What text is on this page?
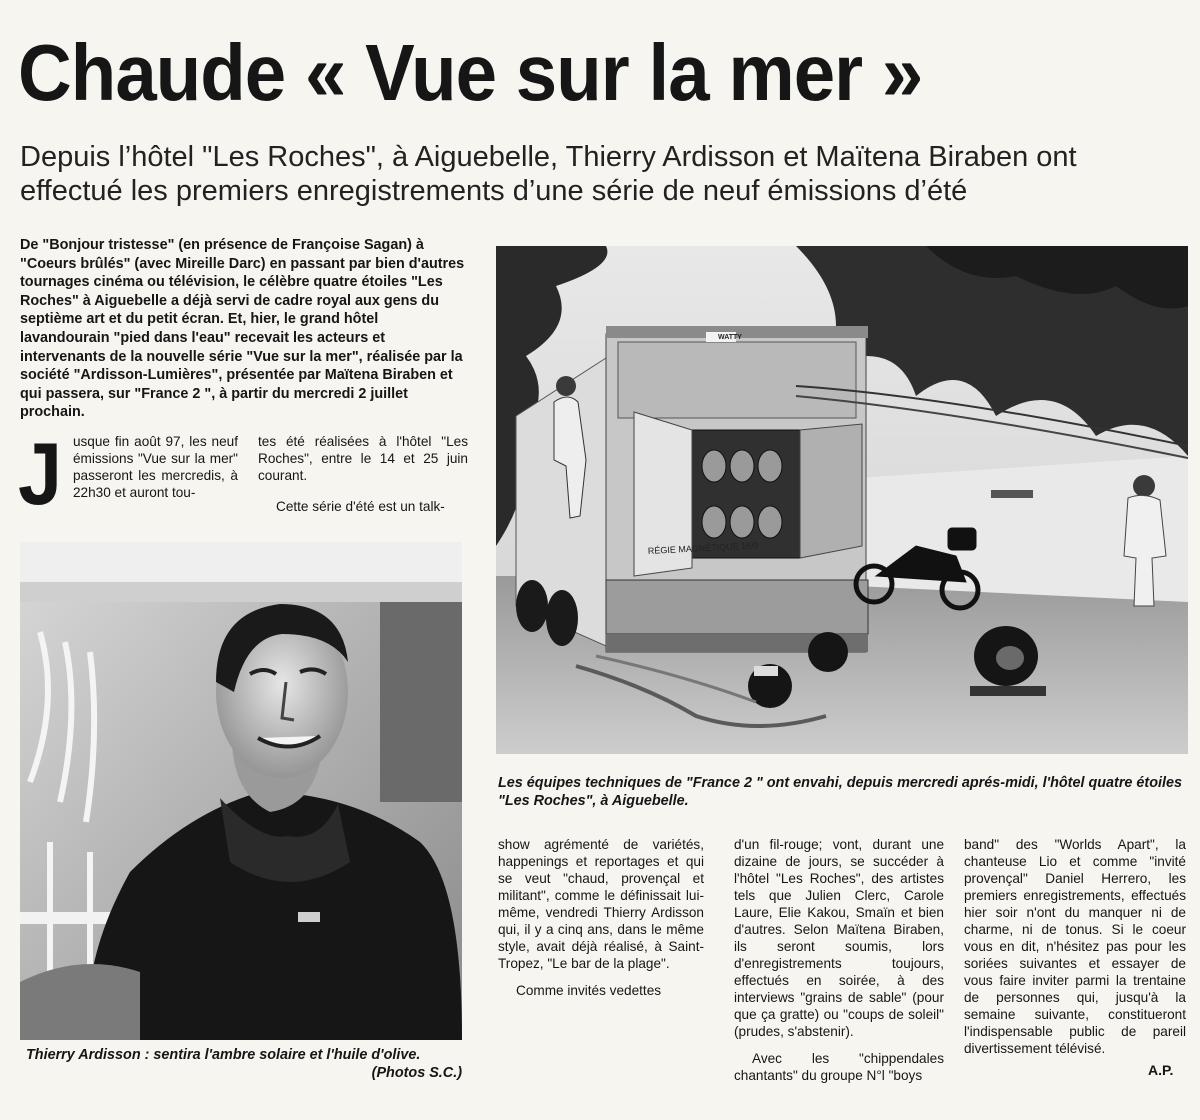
Chaude « Vue sur la mer »
Depuis l’hôtel "Les Roches", à Aiguebelle, Thierry Ardisson et Maïtena Biraben ont effectué les premiers enregistrements d’une série de neuf émissions d’été
De "Bonjour tristesse" (en présence de Françoise Sagan) à "Coeurs brûlés" (avec Mireille Darc) en passant par bien d'autres tournages cinéma ou télévision, le célèbre quatre étoiles "Les Roches" à Aiguebelle a déjà servi de cadre royal aux gens du septième art et du petit écran. Et, hier, le grand hôtel lavandourain "pied dans l'eau" recevait les acteurs et intervenants de la nouvelle série "Vue sur la mer", réalisée par la société "Ardisson-Lumières", présentée par Maïtena Biraben et qui passera, sur "France 2 ", à partir du mercredi 2 juillet prochain.
J usque fin août 97, les neuf émissions "Vue sur la mer" passeront les mercredis, à 22h30 et auront tou-

tes été réalisées à l'hôtel "Les Roches", entre le 14 et 25 juin courant.

Cette série d'été est un talk-

RÉGIE MAGNÉTIQUE 16/9
WATTY
Les équipes techniques de "France 2 " ont envahi, depuis mercredi aprés-midi, l'hôtel quatre étoiles "Les Roches", à Aiguebelle.
Thierry Ardisson : sentira l'ambre solaire et l'huile d'olive.
(Photos S.C.)

show agrémenté de variétés, happenings et reportages et qui se veut "chaud, provençal et militant", comme le définissait lui-même, vendredi Thierry Ardisson qui, il y a cinq ans, dans le même style, avait déjà réalisé, à Saint-Tropez, "Le bar de la plage".

Comme invités vedettes

d'un fil-rouge; vont, durant une dizaine de jours, se succéder à l'hôtel "Les Roches", des artistes tels que Julien Clerc, Carole Laure, Elie Kakou, Smaïn et bien d'autres. Selon Maïtena Biraben, ils seront soumis, lors d'enregistrements toujours, effectués en soirée, à des interviews "grains de sable" (pour que ça gratte) ou "coups de soleil" (prudes, s'abstenir).

Avec les "chippendales chantants" du groupe N°l "boys

band" des "Worlds Apart", la chanteuse Lio et comme "invité provençal" Daniel Herrero, les premiers enregistrements, effectués hier soir n'ont du manquer ni de charme, ni de tonus. Si le coeur vous en dit, n'hésitez pas pour les soriées suivantes et essayer de vous faire inviter parmi la trentaine de personnes qui, jusqu'à la semaine suivante, constitueront l'indispensable public de pareil divertissement télévisé.

A.P.
